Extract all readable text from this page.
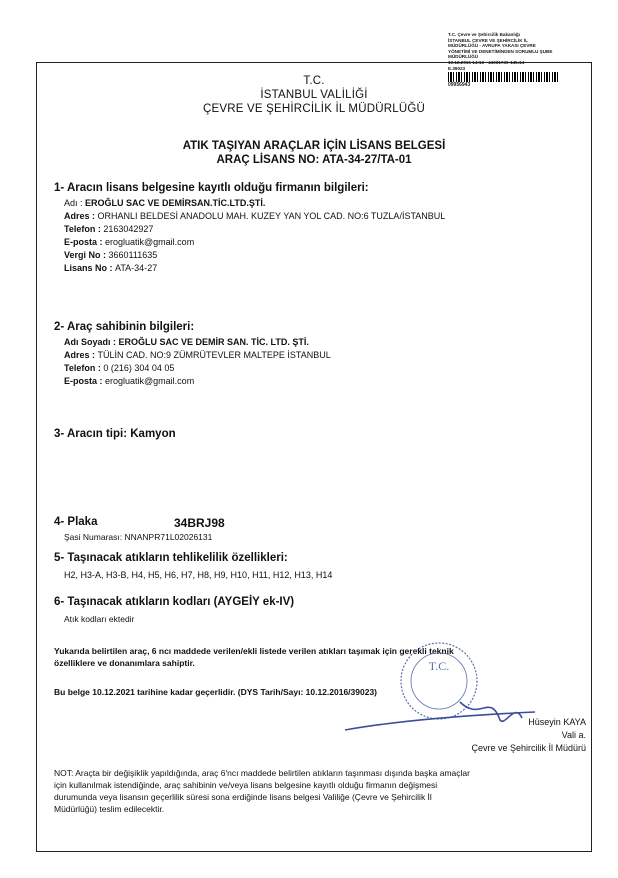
T.C. Çevre ve Şehircilik Bakanlığı
İSTANBUL ÇEVRE VE ŞEHİRCİLİK İL
MÜDÜRLÜĞÜ - AVRUPA YAKASI ÇEVRE
YÖNETİMİ VE DENETİMİNDEN SORUMLU ŞUBE
MÜDÜRLÜĞÜ
10.12.2016 14:13 - 44931749-145.14-
E.39023
09956943
T.C.
İSTANBUL VALİLİĞİ
ÇEVRE VE ŞEHİRCİLİK İL MÜDÜRLÜĞÜ
ATIK TAŞIYAN ARAÇLAR İÇİN LİSANS BELGESİ
ARAÇ LİSANS NO: ATA-34-27/TA-01
1- Aracın lisans belgesine kayıtlı olduğu firmanın bilgileri:
Adı : EROĞLU SAC VE DEMİRSAN.TİC.LTD.ŞTİ.
Adres : ORHANLI BELDESİ ANADOLU MAH. KUZEY YAN YOL CAD. NO:6 TUZLA/İSTANBUL
Telefon : 2163042927
E-posta : erogluatik@gmail.com
Vergi No : 3660111635
Lisans No : ATA-34-27
2- Araç sahibinin bilgileri:
Adı Soyadı : EROĞLU SAC VE DEMİR SAN. TİC. LTD. ŞTİ.
Adres : TÜLİN CAD. NO:9 ZÜMRÜTEVLER MALTEPE İSTANBUL
Telefon : 0 (216) 304 04 05
E-posta : erogluatik@gmail.com
3- Aracın tipi: Kamyon
4- Plaka	34BRJ98
Şasi Numarası: NNANPR71L02026131
5- Taşınacak atıkların tehlikelilik özellikleri:
H2, H3-A, H3-B, H4, H5, H6, H7, H8, H9, H10, H11, H12, H13, H14
6- Taşınacak atıkların kodları (AYGEİY ek-IV)
Atık kodları ektedir
Yukarıda belirtilen araç, 6 ncı maddede verilen/ekli listede verilen atıkları taşımak için gerekli teknik
özelliklere ve donanımlara sahiptir.
Bu belge 10.12.2021 tarihine kadar geçerlidir. (DYS Tarih/Sayı: 10.12.2016/39023)
T.C.
Hüseyin KAYA
Vali a.
Çevre ve Şehircilik İl Müdürü
NOT: Araçta bir değişiklik yapıldığında, araç 6'ncı maddede belirtilen atıkların taşınması dışında başka amaçlar
için kullanılmak istendiğinde, araç sahibinin ve/veya lisans belgesine kayıtlı olduğu firmanın değişmesi
durumunda veya lisansın geçerlilik süresi sona erdiğinde lisans belgesi Valiliğe (Çevre ve Şehircilik İl
Müdürlüğü) teslim edilecektir.
